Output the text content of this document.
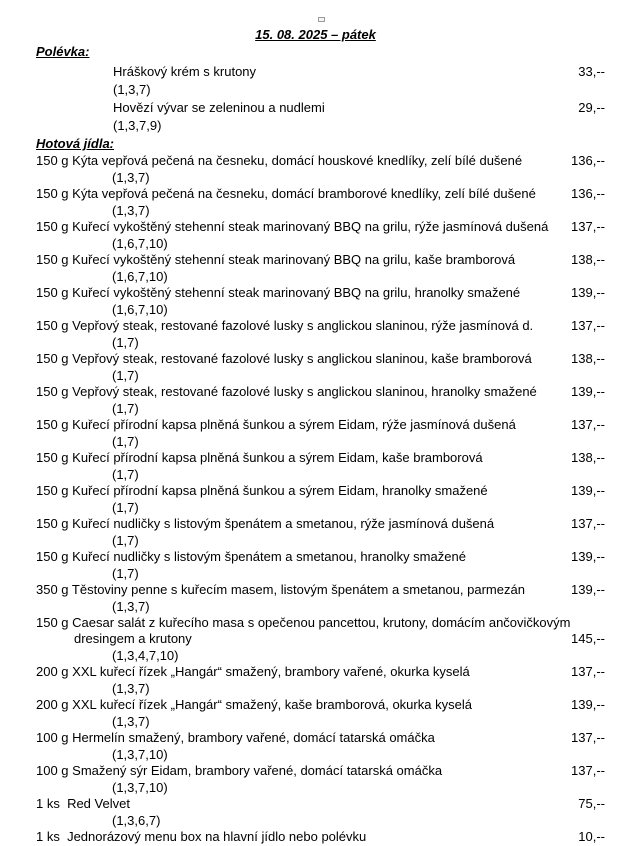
15. 08. 2025 – pátek
Polévka:
Hráškový krém s krutony
(1,3,7)
33,--
Hovězí vývar se zeleninou a nudlemi
(1,3,7,9)
29,--
Hotová jídla:
150 g Kýta vepřová pečená na česneku, domácí houskové knedlíky, zelí bílé dušené
(1,3,7)
136,--
150 g Kýta vepřová pečená na česneku, domácí bramborové knedlíky, zelí bílé dušené
(1,3,7)
136,--
150 g Kuřecí vykoštěný stehenní steak marinovaný BBQ na grilu, rýže jasmínová dušená
(1,6,7,10)
137,--
150 g Kuřecí vykoštěný stehenní steak marinovaný BBQ na grilu, kaše bramborová
(1,6,7,10)
138,--
150 g Kuřecí vykoštěný stehenní steak marinovaný BBQ na grilu, hranolky smažené
(1,6,7,10)
139,--
150 g Vepřový steak, restované fazolové lusky s anglickou slaninou, rýže jasmínová d.
(1,7)
137,--
150 g Vepřový steak, restované fazolové lusky s anglickou slaninou, kaše bramborová
(1,7)
138,--
150 g Vepřový steak, restované fazolové lusky s anglickou slaninou, hranolky smažené
(1,7)
139,--
150 g Kuřecí přírodní kapsa plněná šunkou a sýrem Eidam, rýže jasmínová dušená
(1,7)
137,--
150 g Kuřecí přírodní kapsa plněná šunkou a sýrem Eidam, kaše bramborová
(1,7)
138,--
150 g Kuřecí přírodní kapsa plněná šunkou a sýrem Eidam, hranolky smažené
(1,7)
139,--
150 g Kuřecí nudličky s listovým špenátem a smetanou, rýže jasmínová dušená
(1,7)
137,--
150 g Kuřecí nudličky s listovým špenátem a smetanou, hranolky smažené
(1,7)
139,--
350 g Těstoviny penne s kuřecím masem, listovým špenátem a smetanou, parmezán
(1,3,7)
139,--
150 g Caesar salát z kuřecího masa s opečenou pancettou, krutony, domácím ančovičkovým
dresingem a krutony
(1,3,4,7,10)
145,--
200 g XXL kuřecí řízek „Hangár“ smažený, brambory vařené, okurka kyselá
(1,3,7)
137,--
200 g XXL kuřecí řízek „Hangár“ smažený, kaše bramborová, okurka kyselá
(1,3,7)
139,--
100 g Hermelín smažený, brambory vařené, domácí tatarská omáčka
(1,3,7,10)
137,--
100 g Smažený sýr Eidam, brambory vařené, domácí tatarská omáčka
(1,3,7,10)
137,--
1 ks  Red Velvet
(1,3,6,7)
75,--
1 ks  Jednorázový menu box na hlavní jídlo nebo polévku	10,--
